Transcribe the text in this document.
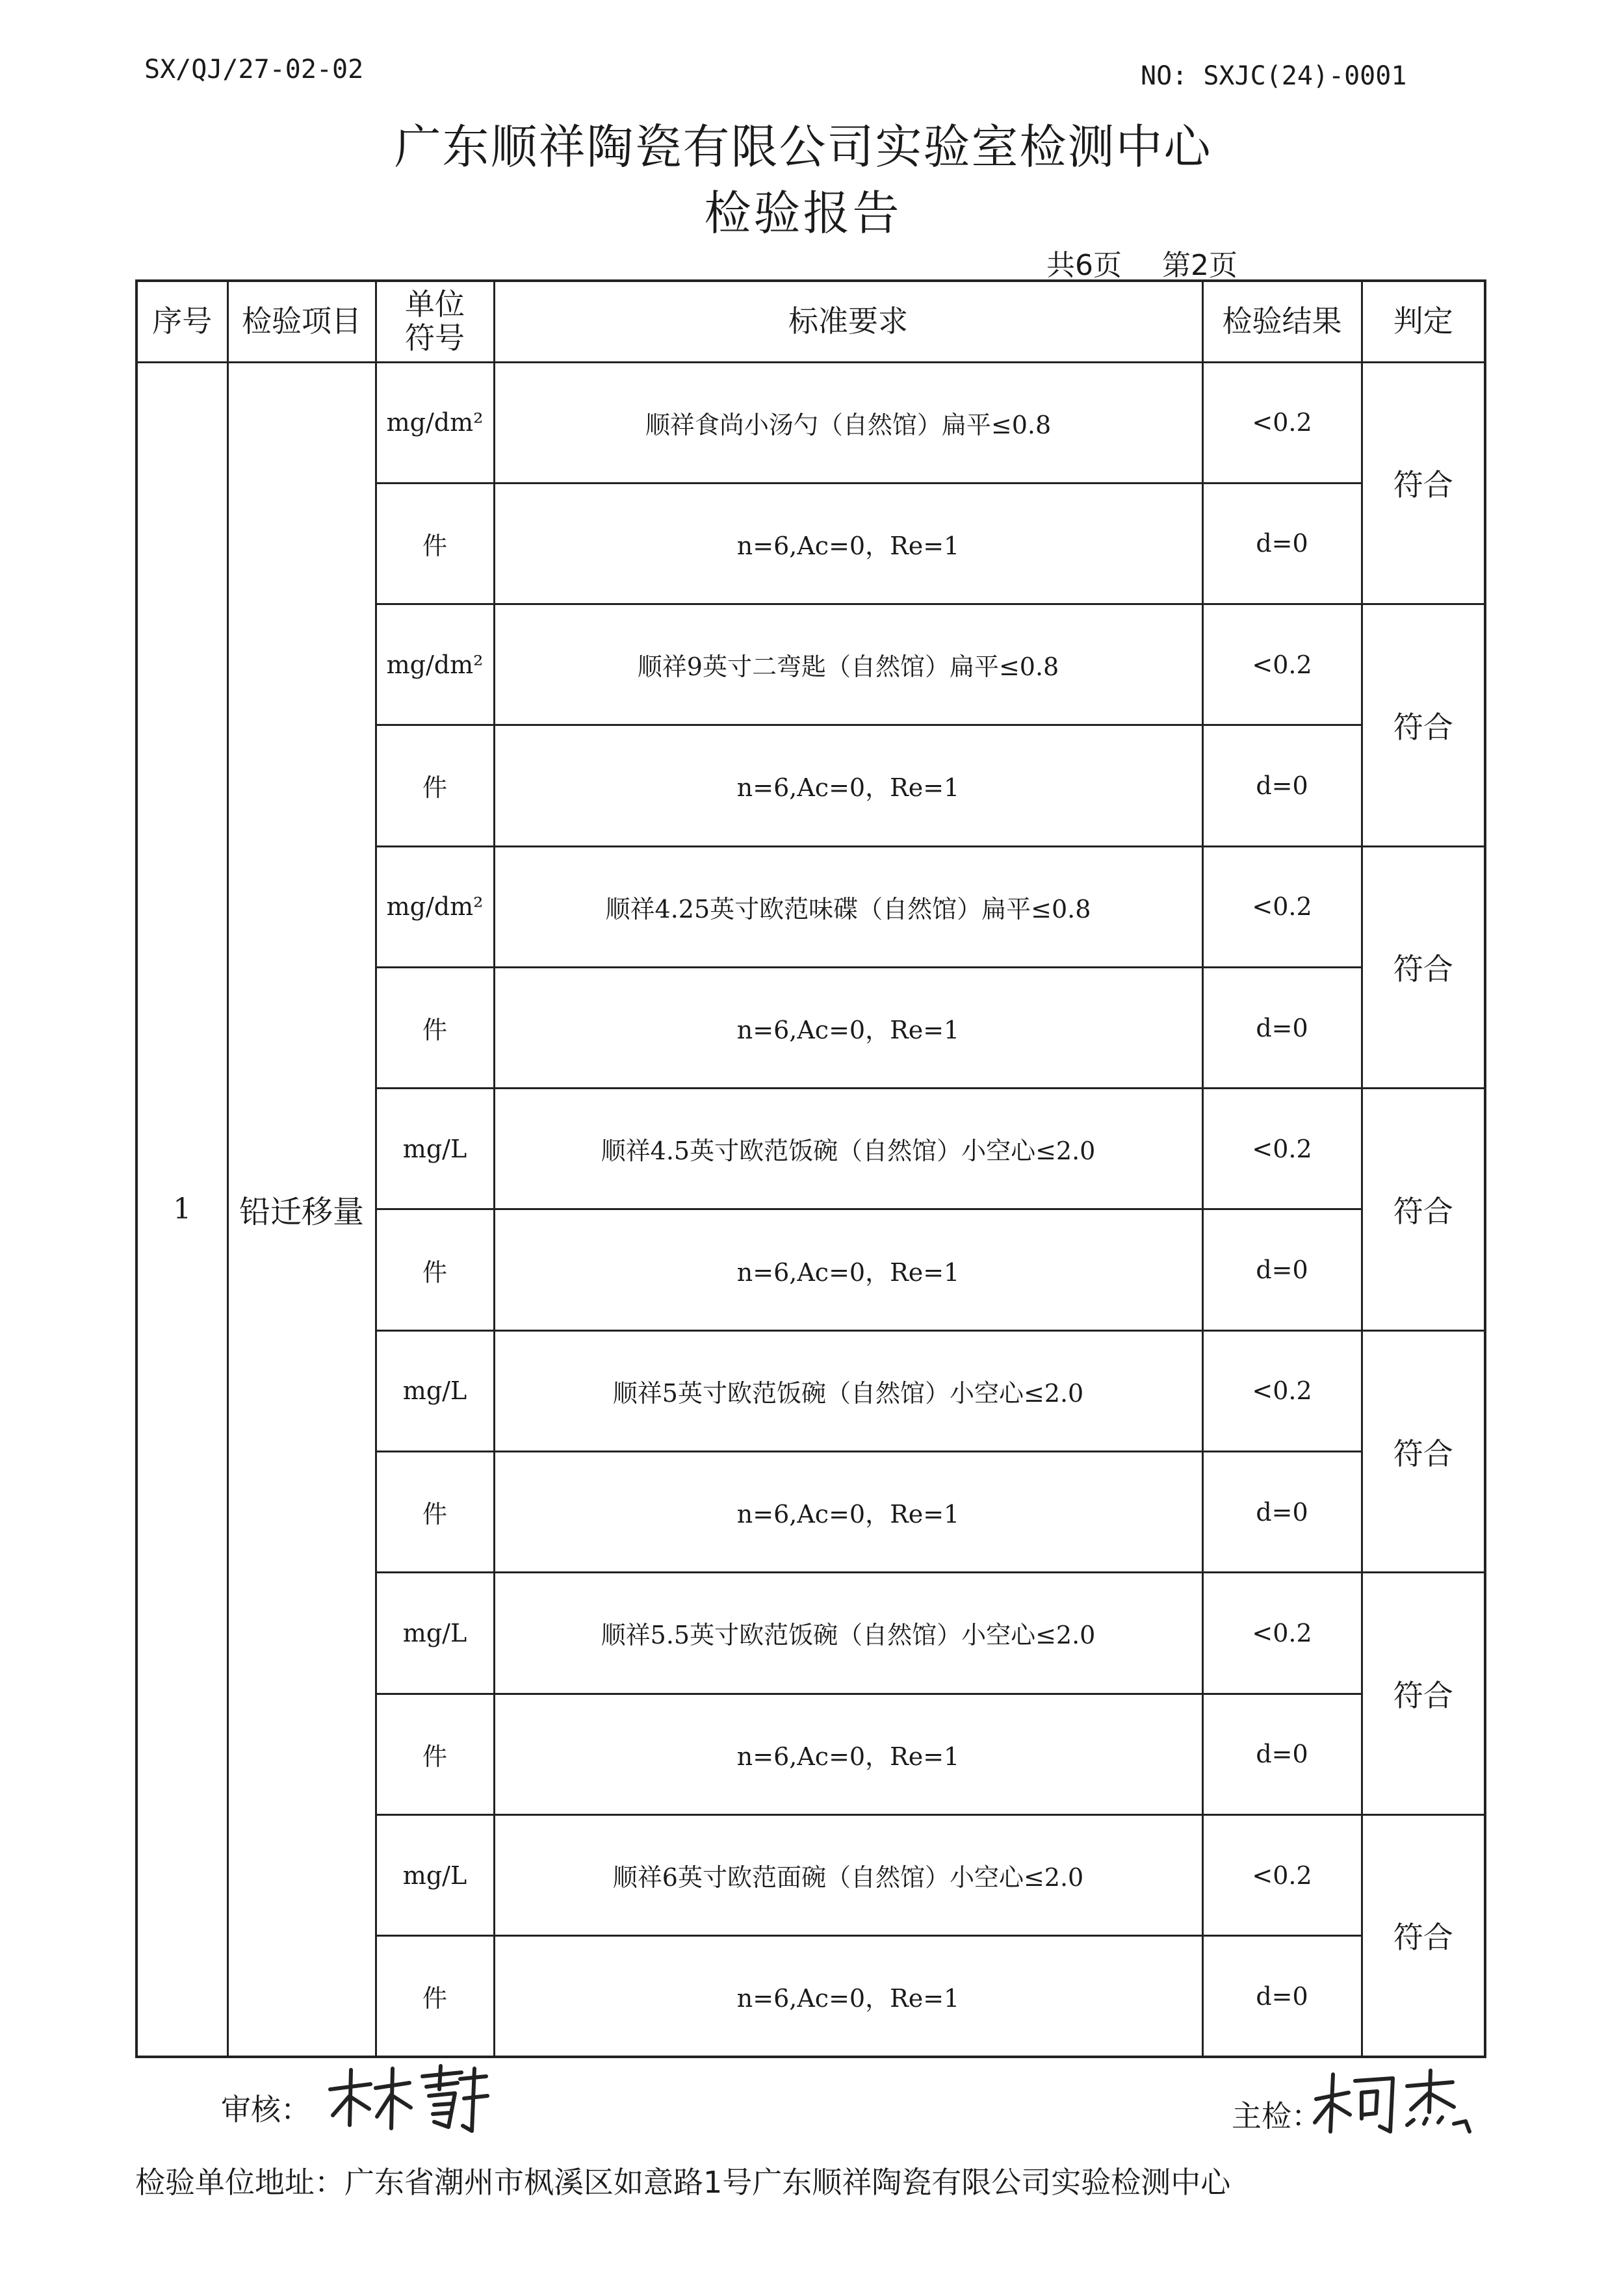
SX/QJ/27-02-02	NO: SXJC(24)-0001
广东顺祥陶瓷有限公司实验室检测中心
检验报告
共6页 第2页
序号	检验项目	单位符号	标准要求	检验结果	判定
1	铅迁移量	mg/dm²	顺祥食尚小汤勺（自然馆）扁平≤0.8	<0.2	符合
		件	n=6,Ac=0，Re=1	d=0	
		mg/dm²	顺祥9英寸二弯匙（自然馆）扁平≤0.8	<0.2	符合
		件	n=6,Ac=0，Re=1	d=0	
		mg/dm²	顺祥4.25英寸欧范味碟（自然馆）扁平≤0.8	<0.2	符合
		件	n=6,Ac=0，Re=1	d=0	
		mg/L	顺祥4.5英寸欧范饭碗（自然馆）小空心≤2.0	<0.2	符合
		件	n=6,Ac=0，Re=1	d=0	
		mg/L	顺祥5英寸欧范饭碗（自然馆）小空心≤2.0	<0.2	符合
		件	n=6,Ac=0，Re=1	d=0	
		mg/L	顺祥5.5英寸欧范饭碗（自然馆）小空心≤2.0	<0.2	符合
		件	n=6,Ac=0，Re=1	d=0	
		mg/L	顺祥6英寸欧范面碗（自然馆）小空心≤2.0	<0.2	符合
		件	n=6,Ac=0，Re=1	d=0	
审核：	主检：
检验单位地址：广东省潮州市枫溪区如意路1号广东顺祥陶瓷有限公司实验检测中心
